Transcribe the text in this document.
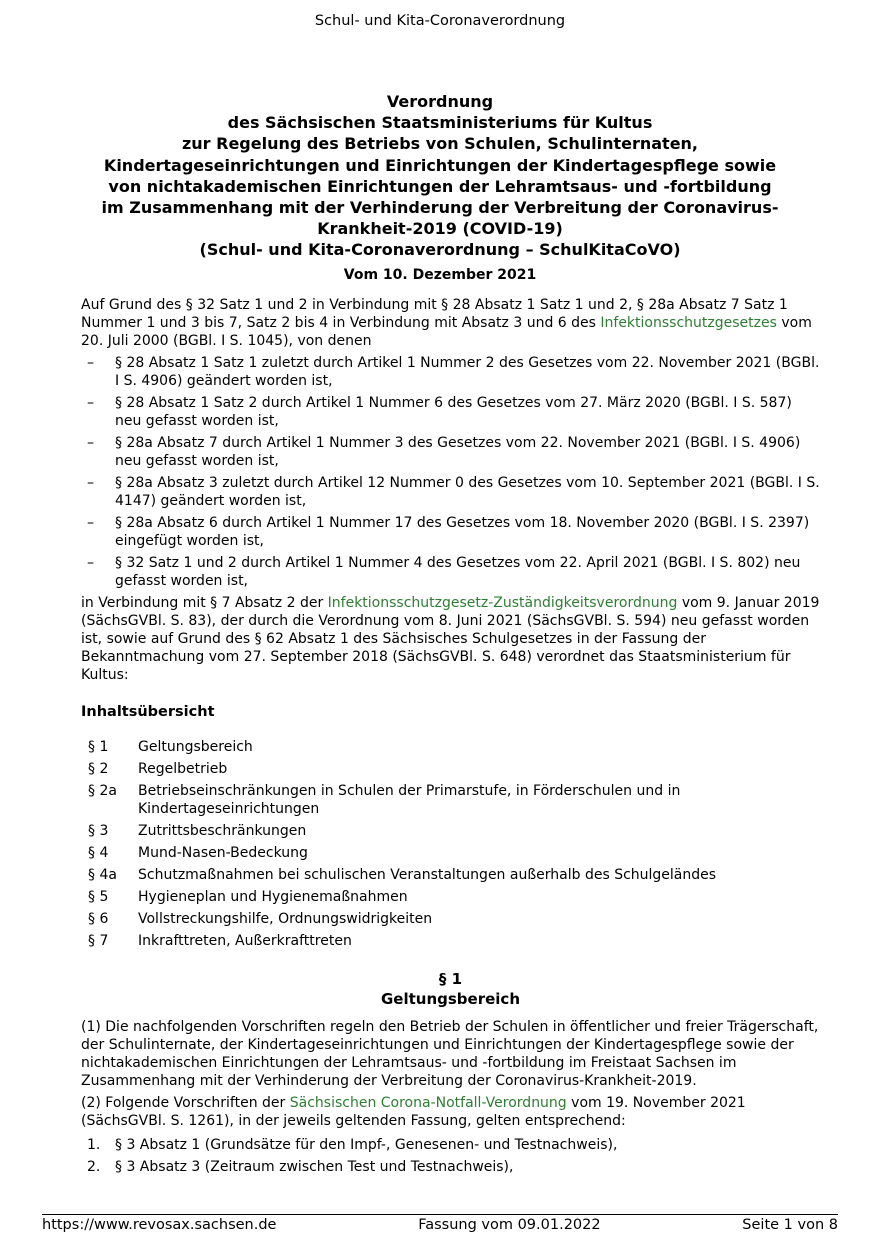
Schul- und Kita-Coronaverordnung
Verordnung
des Sächsischen Staatsministeriums für Kultus
zur Regelung des Betriebs von Schulen, Schulinternaten,
Kindertageseinrichtungen und Einrichtungen der Kindertagespflege sowie
von nichtakademischen Einrichtungen der Lehramtsaus- und -fortbildung
im Zusammenhang mit der Verhinderung der Verbreitung der Coronavirus-
Krankheit-2019 (COVID-19)
(Schul- und Kita-Coronaverordnung – SchulKitaCoVO)
Vom 10. Dezember 2021

Auf Grund des § 32 Satz 1 und 2 in Verbindung mit § 28 Absatz 1 Satz 1 und 2, § 28a Absatz 7 Satz 1 Nummer 1 und 3 bis 7, Satz 2 bis 4 in Verbindung mit Absatz 3 und 6 des Infektionsschutzgesetzes vom 20. Juli 2000 (BGBl. I S. 1045), von denen

– § 28 Absatz 1 Satz 1 zuletzt durch Artikel 1 Nummer 2 des Gesetzes vom 22. November 2021 (BGBl. I S. 4906) geändert worden ist,
– § 28 Absatz 1 Satz 2 durch Artikel 1 Nummer 6 des Gesetzes vom 27. März 2020 (BGBl. I S. 587) neu gefasst worden ist,
– § 28a Absatz 7 durch Artikel 1 Nummer 3 des Gesetzes vom 22. November 2021 (BGBl. I S. 4906) neu gefasst worden ist,
– § 28a Absatz 3 zuletzt durch Artikel 12 Nummer 0 des Gesetzes vom 10. September 2021 (BGBl. I S. 4147) geändert worden ist,
– § 28a Absatz 6 durch Artikel 1 Nummer 17 des Gesetzes vom 18. November 2020 (BGBl. I S. 2397) eingefügt worden ist,
– § 32 Satz 1 und 2 durch Artikel 1 Nummer 4 des Gesetzes vom 22. April 2021 (BGBl. I S. 802) neu gefasst worden ist,

in Verbindung mit § 7 Absatz 2 der Infektionsschutzgesetz-Zuständigkeitsverordnung vom 9. Januar 2019 (SächsGVBl. S. 83), der durch die Verordnung vom 8. Juni 2021 (SächsGVBl. S. 594) neu gefasst worden ist, sowie auf Grund des § 62 Absatz 1 des Sächsisches Schulgesetzes in der Fassung der Bekanntmachung vom 27. September 2018 (SächsGVBl. S. 648) verordnet das Staatsministerium für Kultus:

Inhaltsübersicht
§ 1	Geltungsbereich
§ 2	Regelbetrieb
§ 2a	Betriebseinschränkungen in Schulen der Primarstufe, in Förderschulen und in Kindertageseinrichtungen
§ 3	Zutrittsbeschränkungen
§ 4	Mund-Nasen-Bedeckung
§ 4a	Schutzmaßnahmen bei schulischen Veranstaltungen außerhalb des Schulgeländes
§ 5	Hygieneplan und Hygienemaßnahmen
§ 6	Vollstreckungshilfe, Ordnungswidrigkeiten
§ 7	Inkrafttreten, Außerkrafttreten
§ 1
Geltungsbereich

(1) Die nachfolgenden Vorschriften regeln den Betrieb der Schulen in öffentlicher und freier Trägerschaft, der Schulinternate, der Kindertageseinrichtungen und Einrichtungen der Kindertagespflege sowie der nichtakademischen Einrichtungen der Lehramtsaus- und -fortbildung im Freistaat Sachsen im Zusammenhang mit der Verhinderung der Verbreitung der Coronavirus-Krankheit-2019.

(2) Folgende Vorschriften der Sächsischen Corona-Notfall-Verordnung vom 19. November 2021 (SächsGVBl. S. 1261), in der jeweils geltenden Fassung, gelten entsprechend:

1. § 3 Absatz 1 (Grundsätze für den Impf-, Genesenen- und Testnachweis),
2. § 3 Absatz 3 (Zeitraum zwischen Test und Testnachweis),
https://www.revosax.sachsen.de	Fassung vom 09.01.2022	Seite 1 von 8
